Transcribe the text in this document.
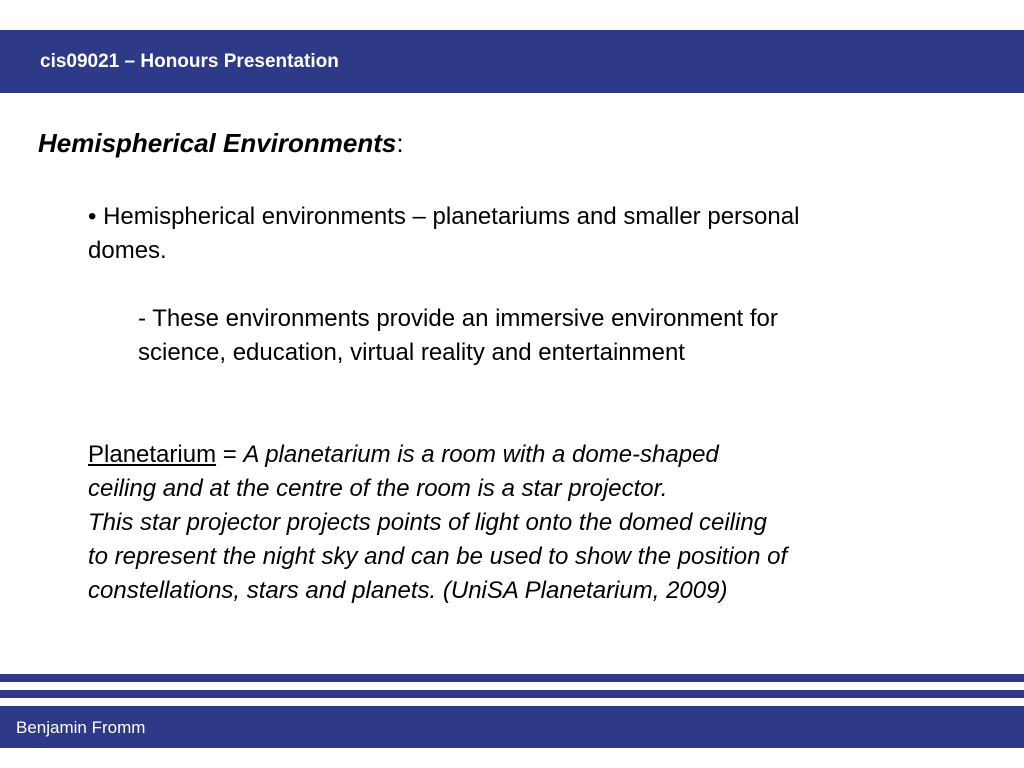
cis09021 – Honours Presentation
Hemispherical Environments:
• Hemispherical environments – planetariums and smaller personal domes.
- These environments provide an immersive environment for
science, education, virtual reality and entertainment
Planetarium = A planetarium is a room with a dome-shaped
ceiling and at the centre of the room is a star projector.
This star projector projects points of light onto the domed ceiling
to represent the night sky and can be used to show the position of
constellations, stars and planets. (UniSA Planetarium, 2009)
Benjamin Fromm
